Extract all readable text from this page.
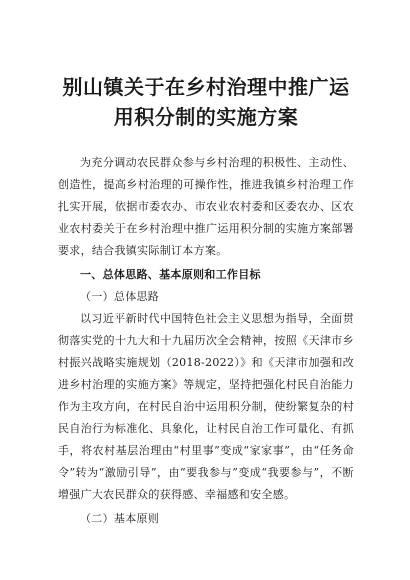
别山镇关于在乡村治理中推广运用积分制的实施方案

为充分调动农民群众参与乡村治理的积极性、主动性、创造性，提高乡村治理的可操作性，推进我镇乡村治理工作扎实开展，依据市委农办、市农业农村委和区委农办、区农业农村委关于在乡村治理中推广运用积分制的实施方案部署要求，结合我镇实际制订本方案。

一、总体思路、基本原则和工作目标

（一）总体思路

以习近平新时代中国特色社会主义思想为指导，全面贯彻落实党的十九大和十九届历次全会精神，按照《天津市乡村振兴战略实施规划（2018-2022）》和《天津市加强和改进乡村治理的实施方案》等规定，坚持把强化村民自治能力作为主攻方向，在村民自治中运用积分制，使纷繁复杂的村民自治行为标准化、具象化，让村民自治工作可量化、有抓手，将农村基层治理由“村里事”变成“家家事”，由“任务命令”转为“激励引导”，由“要我参与”变成“我要参与”，不断增强广大农民群众的获得感、幸福感和安全感。

（二）基本原则
